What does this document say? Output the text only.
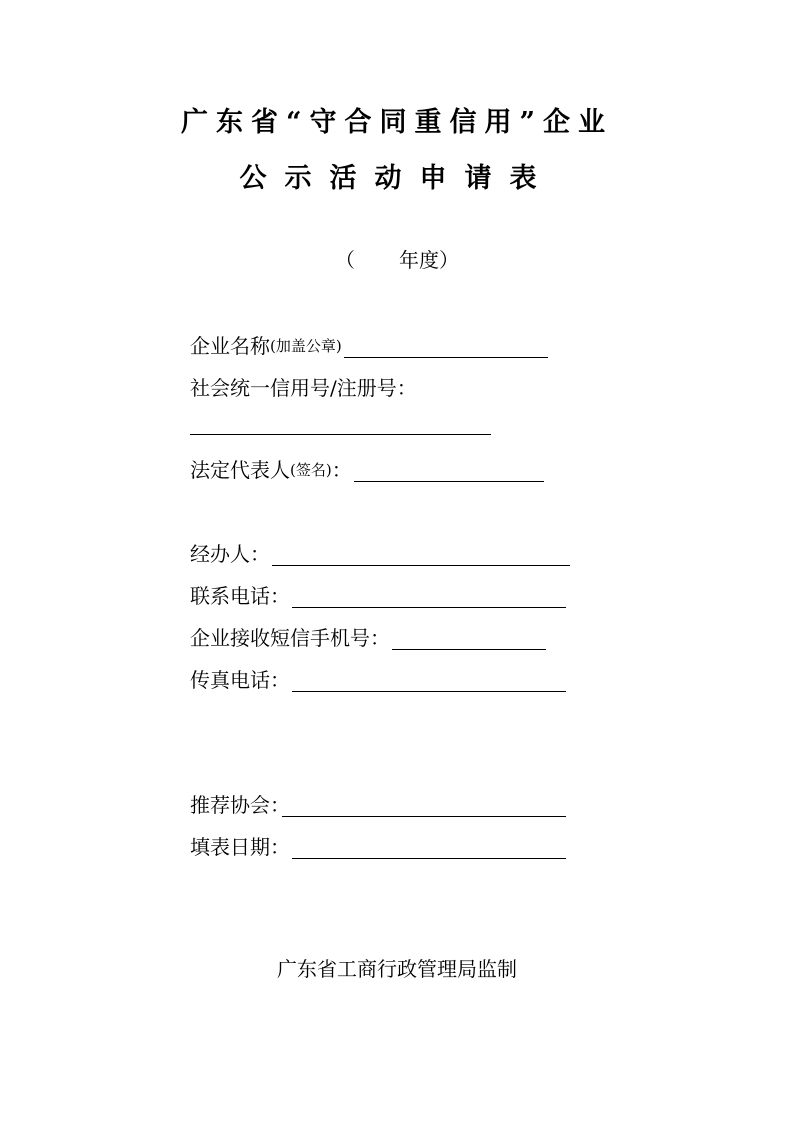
广东省“守合同重信用”企业
公示活动申请表
（ 年度）
企业名称 (加盖公章)
社会统一信用号/注册号：
法定代表人 (签名) ：
经办人：
联系电话：
企业接收短信手机号：
传真电话：
推荐协会：
填表日期：
广东省工商行政管理局监制
